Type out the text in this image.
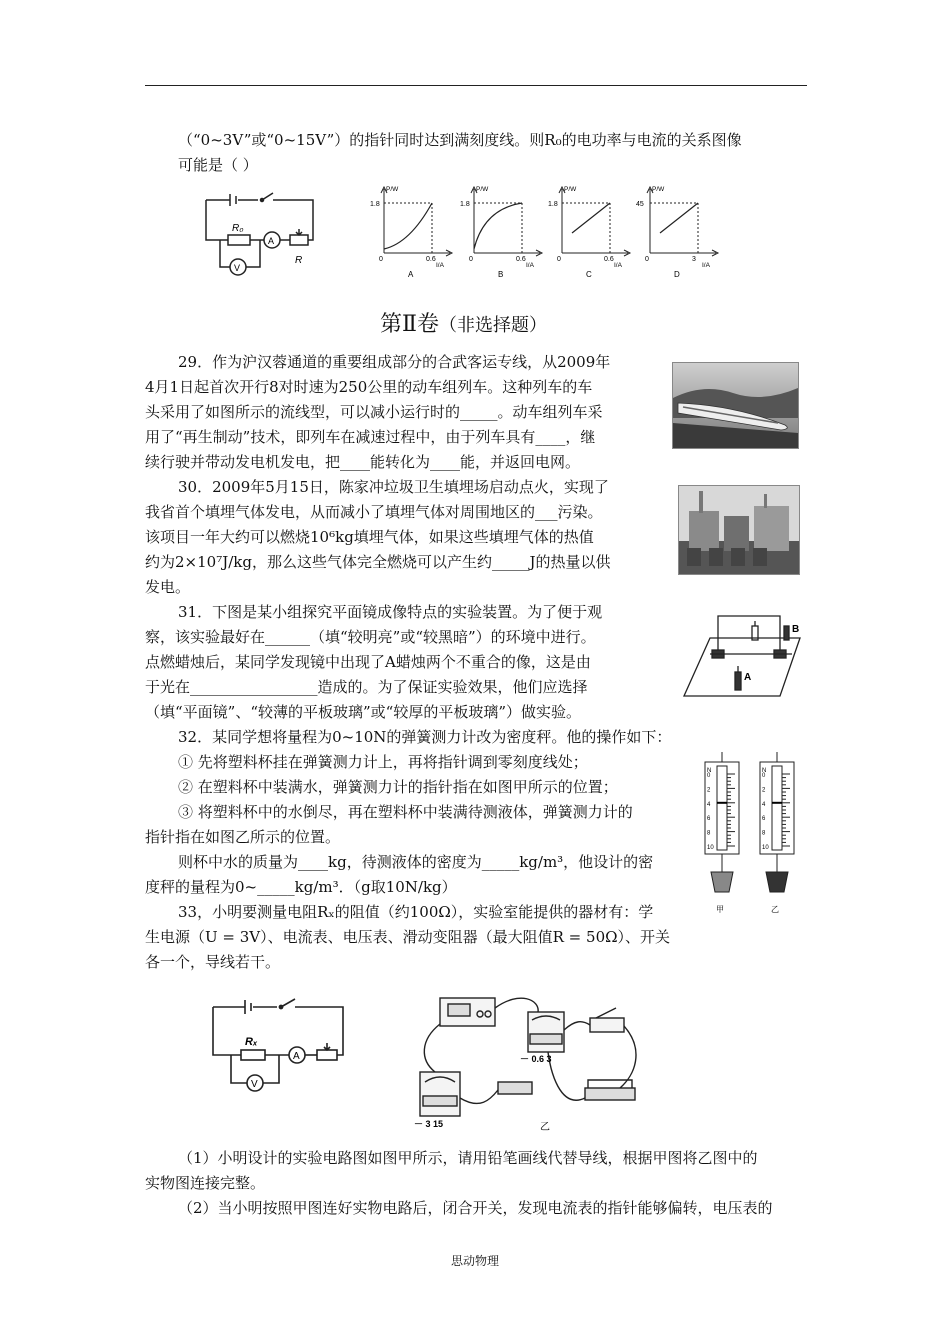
（“0~3V”或“0~15V”）的指针同时达到满刻度线。则R₀的电功率与电流的关系图像
可能是（ ）
R₀
A
V
R
P/W
1.8
0	0.6
I/A
A
P/W
1.8
0	0.6
I/A
B
P/W
1.8
0	0.6
I/A
C
P/W
45
0	3
I/A
D
第Ⅱ卷（非选择题）
29．作为沪汉蓉通道的重要组成部分的合武客运专线，从2009年
4月1日起首次开行8对时速为250公里的动车组列车。这种列车的车
头采用了如图所示的流线型，可以减小运行时的_____。动车组列车采
用了“再生制动”技术，即列车在减速过程中，由于列车具有____，继
续行驶并带动发电机发电，把____能转化为____能，并返回电网。
30．2009年5月15日，陈家冲垃圾卫生填埋场启动点火，实现了
我省首个填埋气体发电，从而减小了填埋气体对周围地区的___污染。
该项目一年大约可以燃烧10⁶kg填埋气体，如果这些填埋气体的热值
约为2×10⁷J/kg，那么这些气体完全燃烧可以产生约_____J的热量以供
发电。
31．下图是某小组探究平面镜成像特点的实验装置。为了便于观
察，该实验最好在______（填“较明亮”或“较黑暗”）的环境中进行。
点燃蜡烛后，某同学发现镜中出现了A蜡烛两个不重合的像，这是由
于光在_________________造成的。为了保证实验效果，他们应选择
（填“平面镜”、“较薄的平板玻璃”或“较厚的平板玻璃”）做实验。
A
B
32．某同学想将量程为0~10N的弹簧测力计改为密度秤。他的操作如下：
① 先将塑料杯挂在弹簧测力计上，再将指针调到零刻度线处；
② 在塑料杯中装满水，弹簧测力计的指针指在如图甲所示的位置；
③ 将塑料杯中的水倒尽，再在塑料杯中装满待测液体，弹簧测力计的
指针指在如图乙所示的位置。
则杯中水的质量为____kg，待测液体的密度为_____kg/m³，他设计的密
度秤的量程为0~_____kg/m³．（g取10N/kg）
N
0
2
4
6
8
10
甲
N
0
2
4
6
8
10
乙
33，小明要测量电阻Rₓ的阻值（约100Ω），实验室能提供的器材有：学
生电源（U = 3V）、电流表、电压表、滑动变阻器（最大阻值R = 50Ω）、开关
各一个，导线若干。
Rₓ
A
V
－ 0.6 3
－ 3 15	乙
（1）小明设计的实验电路图如图甲所示，请用铅笔画线代替导线，根据甲图将乙图中的
实物图连接完整。
（2）当小明按照甲图连好实物电路后，闭合开关，发现电流表的指针能够偏转，电压表的
思动物理
